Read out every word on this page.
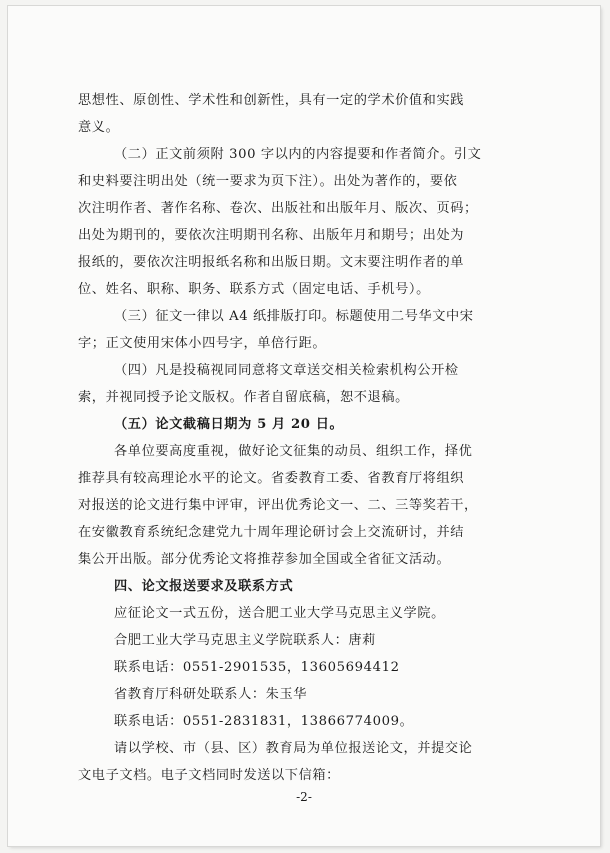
思想性、原创性、学术性和创新性，具有一定的学术价值和实践
意义。
（二）正文前须附 300 字以内的内容提要和作者简介。引文
和史料要注明出处（统一要求为页下注）。出处为著作的，要依
次注明作者、著作名称、卷次、出版社和出版年月、版次、页码；
出处为期刊的，要依次注明期刊名称、出版年月和期号；出处为
报纸的，要依次注明报纸名称和出版日期。文末要注明作者的单
位、姓名、职称、职务、联系方式（固定电话、手机号）。
（三）征文一律以 A4 纸排版打印。标题使用二号华文中宋
字；正文使用宋体小四号字，单倍行距。
（四）凡是投稿视同同意将文章送交相关检索机构公开检
索，并视同授予论文版权。作者自留底稿，恕不退稿。
（五）论文截稿日期为 5 月 20 日。
各单位要高度重视，做好论文征集的动员、组织工作，择优
推荐具有较高理论水平的论文。省委教育工委、省教育厅将组织
对报送的论文进行集中评审，评出优秀论文一、二、三等奖若干，
在安徽教育系统纪念建党九十周年理论研讨会上交流研讨，并结
集公开出版。部分优秀论文将推荐参加全国或全省征文活动。
四、论文报送要求及联系方式
应征论文一式五份，送合肥工业大学马克思主义学院。
合肥工业大学马克思主义学院联系人：唐莉
联系电话：0551-2901535，13605694412
省教育厅科研处联系人：朱玉华
联系电话：0551-2831831，13866774009。
请以学校、市（县、区）教育局为单位报送论文，并提交论
文电子文档。电子文档同时发送以下信箱：
-2-
